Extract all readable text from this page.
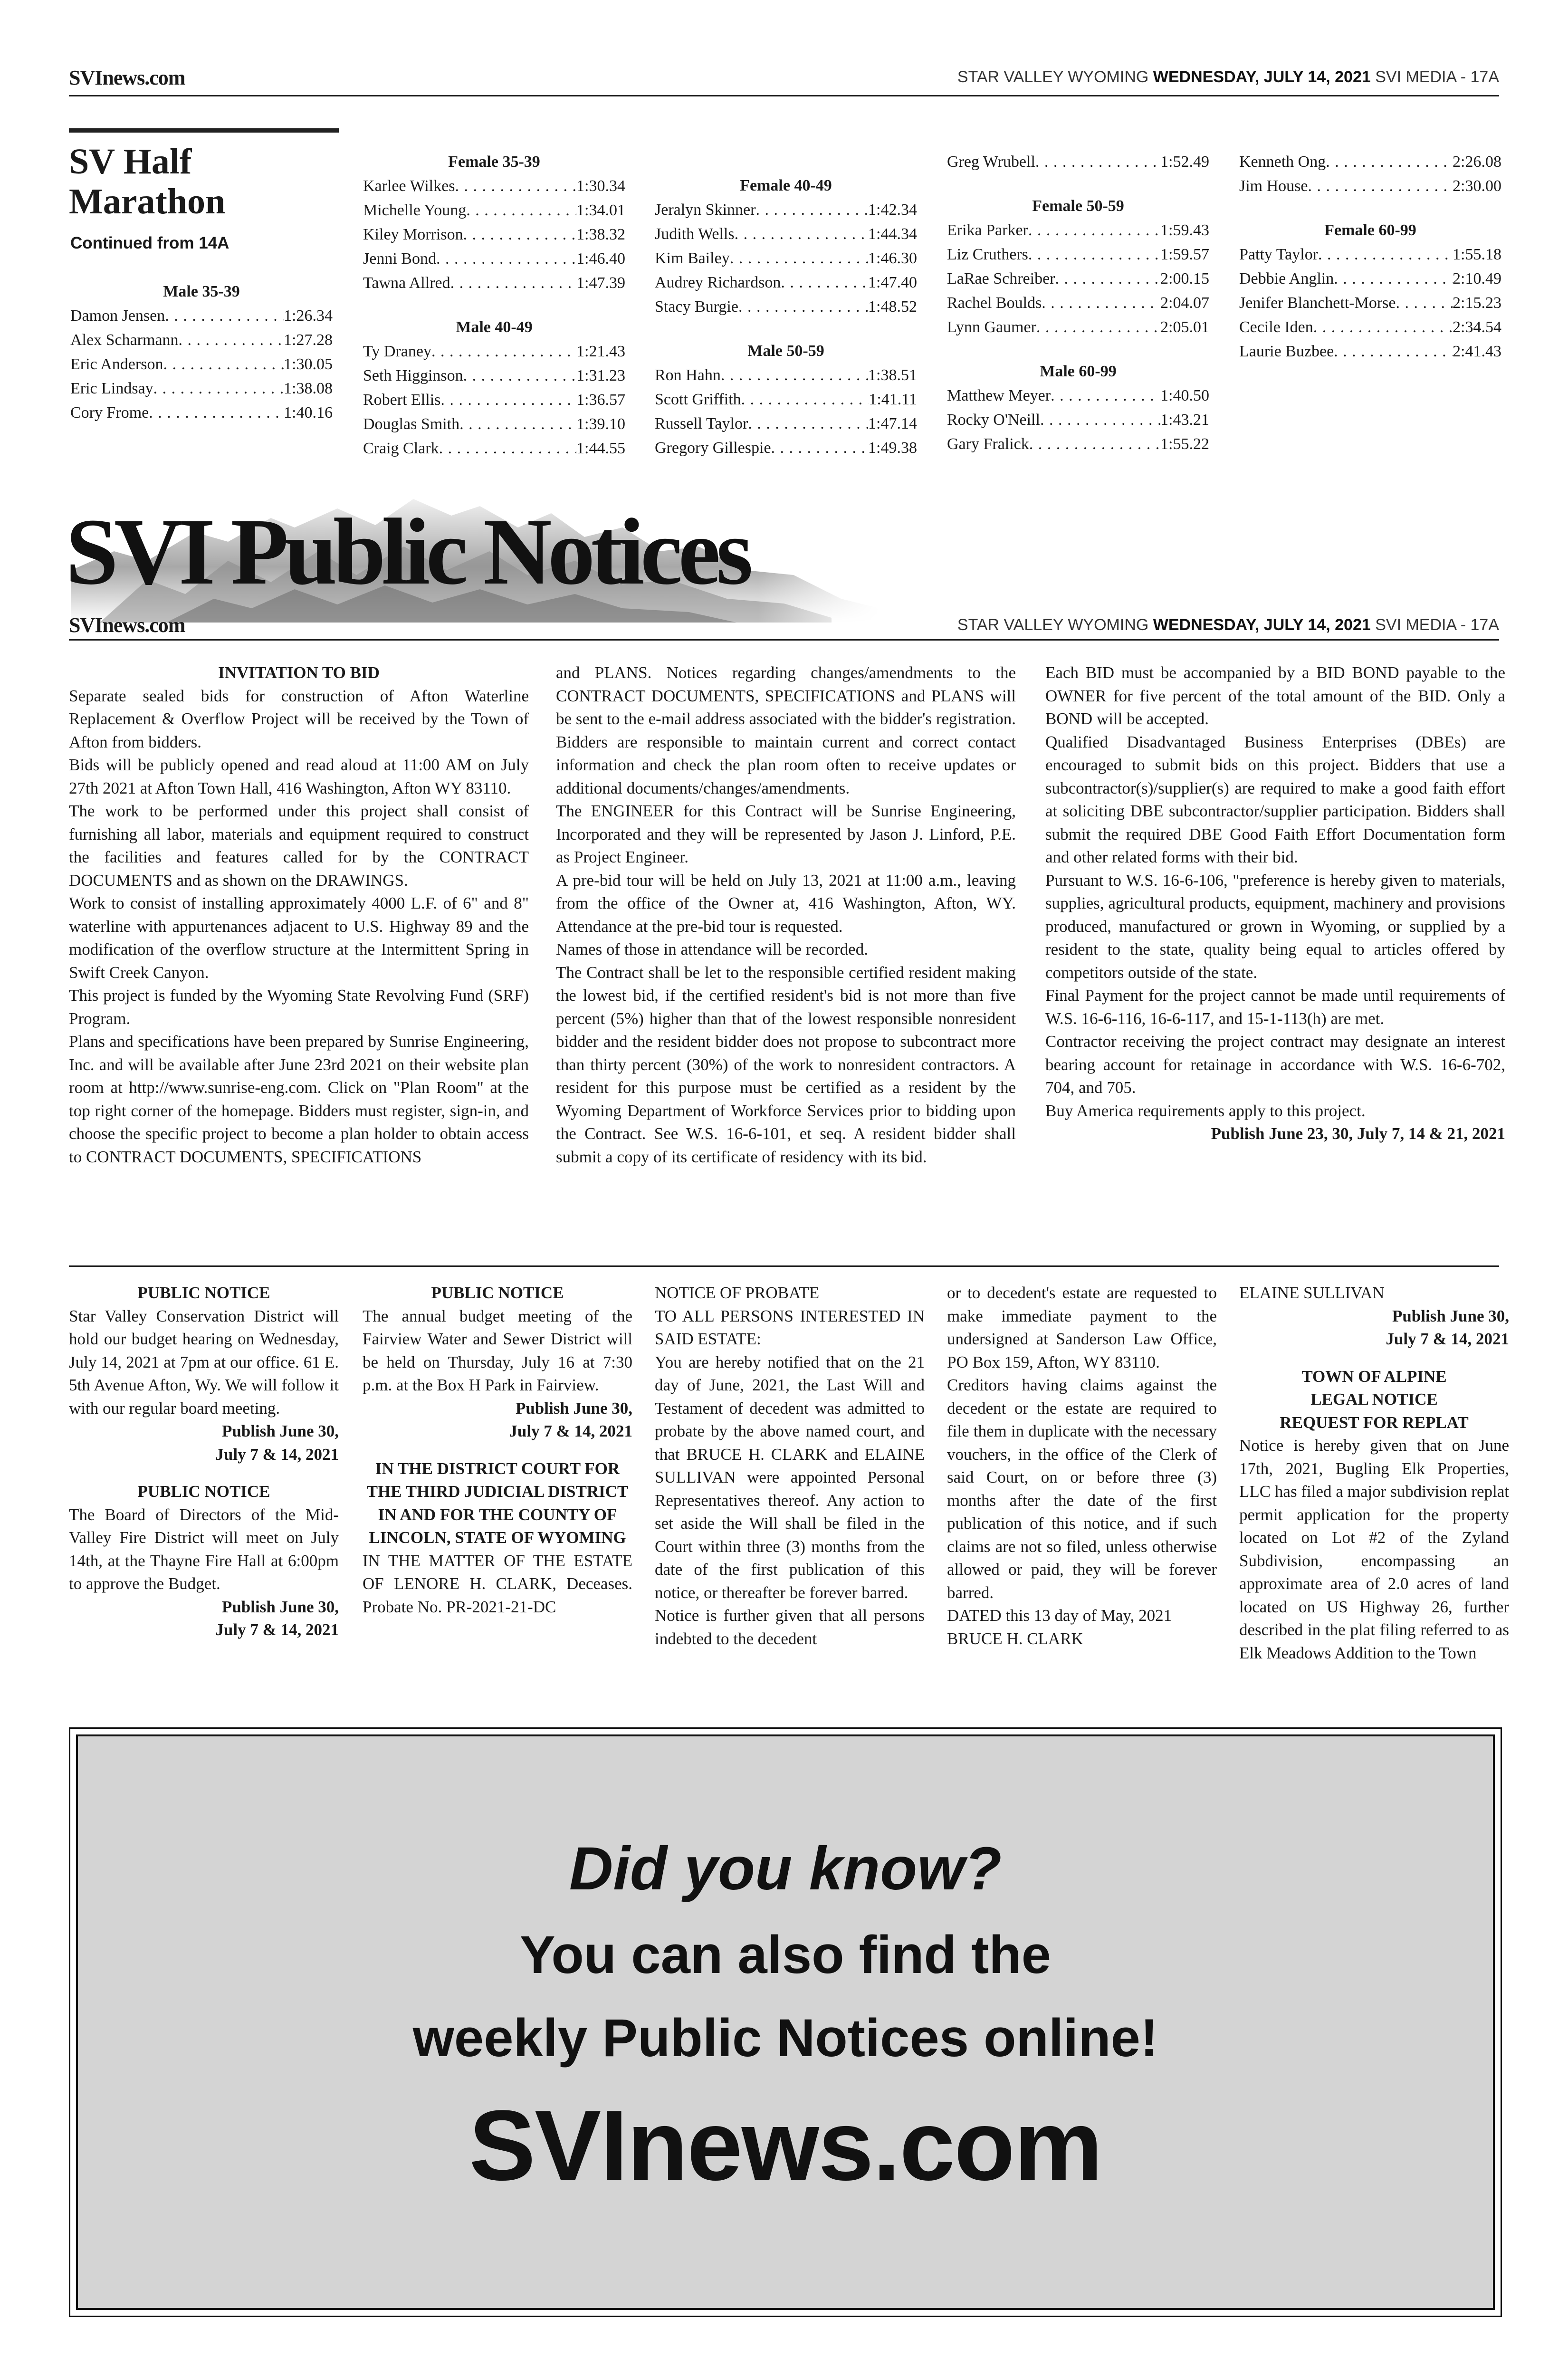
SVInews.com	STAR VALLEY WYOMING WEDNESDAY, JULY 14, 2021 SVI MEDIA - 17A
SV Half
Marathon
Continued from 14A
Male 35-39
Damon Jensen . . .	1:26.34
Alex Scharmann . . .	1:27.28
Eric Anderson . . .	1:30.05
Eric Lindsay . . .	1:38.08
Cory Frome . . .	1:40.16
Female 35-39
Karlee Wilkes . . .	1:30.34
Michelle Young . . .	1:34.01
Kiley Morrison . . .	1:38.32
Jenni Bond . . .	1:46.40
Tawna Allred . . .	1:47.39
Male 40-49
Ty Draney . . .	1:21.43
Seth Higginson . . .	1:31.23
Robert Ellis . . .	1:36.57
Douglas Smith . . .	1:39.10
Craig Clark . . .	1:44.55
Female 40-49
Jeralyn Skinner . . .	1:42.34
Judith Wells . . .	1:44.34
Kim Bailey . . .	1:46.30
Audrey Richardson . . .	1:47.40
Stacy Burgie . . .	1:48.52
Male 50-59
Ron Hahn . . .	1:38.51
Scott Griffith . . .	1:41.11
Russell Taylor . . .	1:47.14
Gregory Gillespie . . .	1:49.38
Greg Wrubell . . .	1:52.49
Female 50-59
Erika Parker . . .	1:59.43
Liz Cruthers . . .	1:59.57
LaRae Schreiber . . .	2:00.15
Rachel Boulds . . .	2:04.07
Lynn Gaumer . . .	2:05.01
Male 60-99
Matthew Meyer . . .	1:40.50
Rocky O'Neill . . .	1:43.21
Gary Fralick . . .	1:55.22
Kenneth Ong . . .	2:26.08
Jim House . . .	2:30.00
Female 60-99
Patty Taylor . . .	1:55.18
Debbie Anglin . . .	2:10.49
Jenifer Blanchett-Morse . . .	2:15.23
Cecile Iden . . .	2:34.54
Laurie Buzbee . . .	2:41.43
SVI Public Notices
SVInews.com	STAR VALLEY WYOMING WEDNESDAY, JULY 14, 2021 SVI MEDIA - 17A

INVITATION TO BID

Separate sealed bids for construction of Afton Waterline Replacement & Overflow Project will be received by the Town of Afton from bidders.

Bids will be publicly opened and read aloud at 11:00 AM on July 27th 2021 at Afton Town Hall, 416 Washington, Afton WY 83110.

The work to be performed under this project shall consist of furnishing all labor, materials and equipment required to construct the facilities and features called for by the CONTRACT DOCUMENTS and as shown on the DRAWINGS.

Work to consist of installing approximately 4000 L.F. of 6" and 8" waterline with appurtenances adjacent to U.S. Highway 89 and the modification of the overflow structure at the Intermittent Spring in Swift Creek Canyon.

This project is funded by the Wyoming State Revolving Fund (SRF) Program.

Plans and specifications have been prepared by Sunrise Engineering, Inc. and will be available after June 23rd 2021 on their website plan room at http://www.sunrise-eng.com. Click on "Plan Room" at the top right corner of the homepage. Bidders must register, sign-in, and choose the specific project to become a plan holder to obtain access to CONTRACT DOCUMENTS, SPECIFICATIONS

and PLANS. Notices regarding changes/amendments to the CONTRACT DOCUMENTS, SPECIFICATIONS and PLANS will be sent to the e-mail address associated with the bidder's registration. Bidders are responsible to maintain current and correct contact information and check the plan room often to receive updates or additional documents/changes/amendments.

The ENGINEER for this Contract will be Sunrise Engineering, Incorporated and they will be represented by Jason J. Linford, P.E. as Project Engineer.

A pre-bid tour will be held on July 13, 2021 at 11:00 a.m., leaving from the office of the Owner at, 416 Washington, Afton, WY. Attendance at the pre-bid tour is requested.

Names of those in attendance will be recorded.

The Contract shall be let to the responsible certified resident making the lowest bid, if the certified resident's bid is not more than five percent (5%) higher than that of the lowest responsible nonresident bidder and the resident bidder does not propose to subcontract more than thirty percent (30%) of the work to nonresident contractors. A resident for this purpose must be certified as a resident by the Wyoming Department of Workforce Services prior to bidding upon the Contract. See W.S. 16-6-101, et seq. A resident bidder shall submit a copy of its certificate of residency with its bid.

Each BID must be accompanied by a BID BOND payable to the OWNER for five percent of the total amount of the BID. Only a BOND will be accepted.

Qualified Disadvantaged Business Enterprises (DBEs) are encouraged to submit bids on this project. Bidders that use a subcontractor(s)/supplier(s) are required to make a good faith effort at soliciting DBE subcontractor/supplier participation. Bidders shall submit the required DBE Good Faith Effort Documentation form and other related forms with their bid.

Pursuant to W.S. 16-6-106, "preference is hereby given to materials, supplies, agricultural products, equipment, machinery and provisions produced, manufactured or grown in Wyoming, or supplied by a resident to the state, quality being equal to articles offered by competitors outside of the state.

Final Payment for the project cannot be made until requirements of W.S. 16-6-116, 16-6-117, and 15-1-113(h) are met.

Contractor receiving the project contract may designate an interest bearing account for retainage in accordance with W.S. 16-6-702, 704, and 705.

Buy America requirements apply to this project.

Publish June 23, 30, July 7, 14 & 21, 2021

PUBLIC NOTICE

Star Valley Conservation District will hold our budget hearing on Wednesday, July 14, 2021 at 7pm at our office. 61 E. 5th Avenue Afton, Wy. We will follow it with our regular board meeting.

Publish June 30,

July 7 & 14, 2021

PUBLIC NOTICE

The Board of Directors of the Mid-Valley Fire District will meet on July 14th, at the Thayne Fire Hall at 6:00pm to approve the Budget.

Publish June 30,

July 7 & 14, 2021

PUBLIC NOTICE

The annual budget meeting of the Fairview Water and Sewer District will be held on Thursday, July 16 at 7:30 p.m. at the Box H Park in Fairview.

Publish June 30,

July 7 & 14, 2021

IN THE DISTRICT COURT FOR THE THIRD JUDICIAL DISTRICT

IN AND FOR THE COUNTY OF LINCOLN, STATE OF WYOMING

IN THE MATTER OF THE ESTATE OF LENORE H. CLARK, Deceases. Probate No. PR-2021-21-DC

NOTICE OF PROBATE

TO ALL PERSONS INTERESTED IN SAID ESTATE:

You are hereby notified that on the 21 day of June, 2021, the Last Will and Testament of decedent was admitted to probate by the above named court, and that BRUCE H. CLARK and ELAINE SULLIVAN were appointed Personal Representatives thereof. Any action to set aside the Will shall be filed in the Court within three (3) months from the date of the first publication of this notice, or thereafter be forever barred.

Notice is further given that all persons indebted to the decedent

or to decedent's estate are requested to make immediate payment to the undersigned at Sanderson Law Office, PO Box 159, Afton, WY 83110.

Creditors having claims against the decedent or the estate are required to file them in duplicate with the necessary vouchers, in the office of the Clerk of said Court, on or before three (3) months after the date of the first publication of this notice, and if such claims are not so filed, unless otherwise allowed or paid, they will be forever barred.

DATED this 13 day of May, 2021

BRUCE H. CLARK

ELAINE SULLIVAN

Publish June 30,

July 7 & 14, 2021

TOWN OF ALPINE

LEGAL NOTICE

REQUEST FOR REPLAT

Notice is hereby given that on June 17th, 2021, Bugling Elk Properties, LLC has filed a major subdivision replat permit application for the property located on Lot #2 of the Zyland Subdivision, encompassing an approximate area of 2.0 acres of land located on US Highway 26, further described in the plat filing referred to as Elk Meadows Addition to the Town

Did you know?
You can also find the
weekly Public Notices online!
SVInews.com
